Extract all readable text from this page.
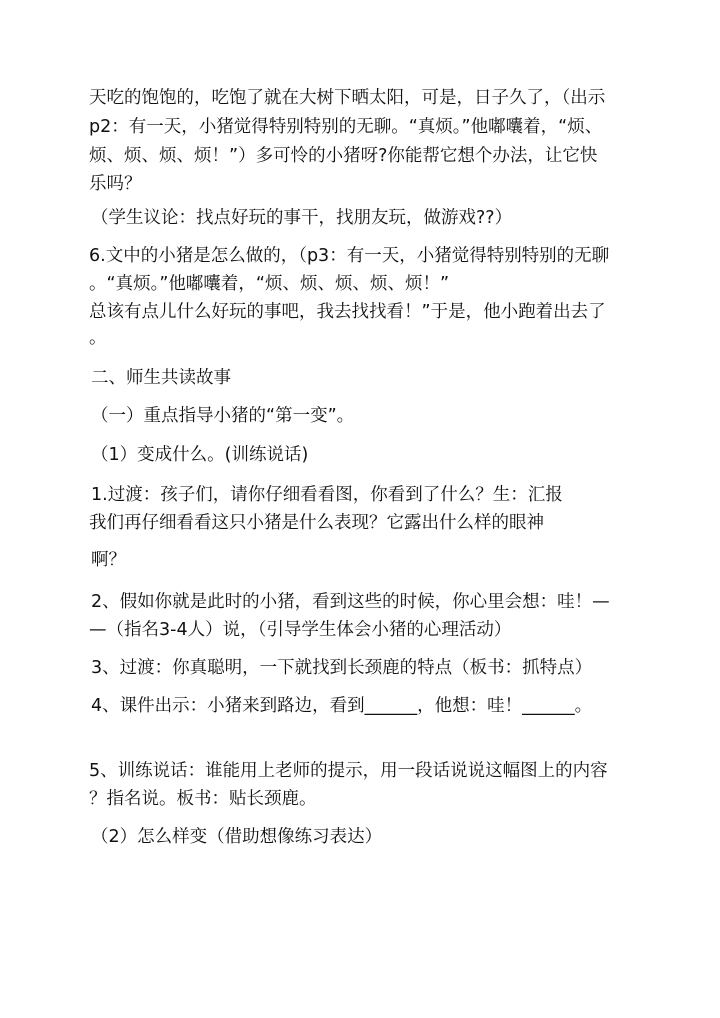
天吃的饱饱的，吃饱了就在大树下晒太阳，可是，日子久了，（出示
p2：有一天，小猪觉得特别特别的无聊。“真烦。”他嘟囔着，“烦、
烦、烦、烦、烦！”）多可怜的小猪呀?你能帮它想个办法，让它快
乐吗？
（学生议论：找点好玩的事干，找朋友玩，做游戏??）
6.文中的小猪是怎么做的，（p3：有一天，小猪觉得特别特别的无聊
。“真烦。”他嘟囔着，“烦、烦、烦、烦、烦！”
总该有点儿什么好玩的事吧，我去找找看！”于是，他小跑着出去了
。
二、师生共读故事
（一）重点指导小猪的“第一变”。
（1）变成什么。(训练说话)
1.过渡：孩子们，请你仔细看看图，你看到了什么？生：汇报
我们再仔细看看这只小猪是什么表现？它露出什么样的眼神
啊？
2、假如你就是此时的小猪，看到这些的时候，你心里会想：哇！—
—（指名3-4人）说，（引导学生体会小猪的心理活动）
3、过渡：你真聪明，一下就找到长颈鹿的特点（板书：抓特点）
4、课件出示：小猪来到路边，看到______，他想：哇！______。
5、训练说话：谁能用上老师的提示，用一段话说说这幅图上的内容
？指名说。板书：贴长颈鹿。
（2）怎么样变（借助想像练习表达）
